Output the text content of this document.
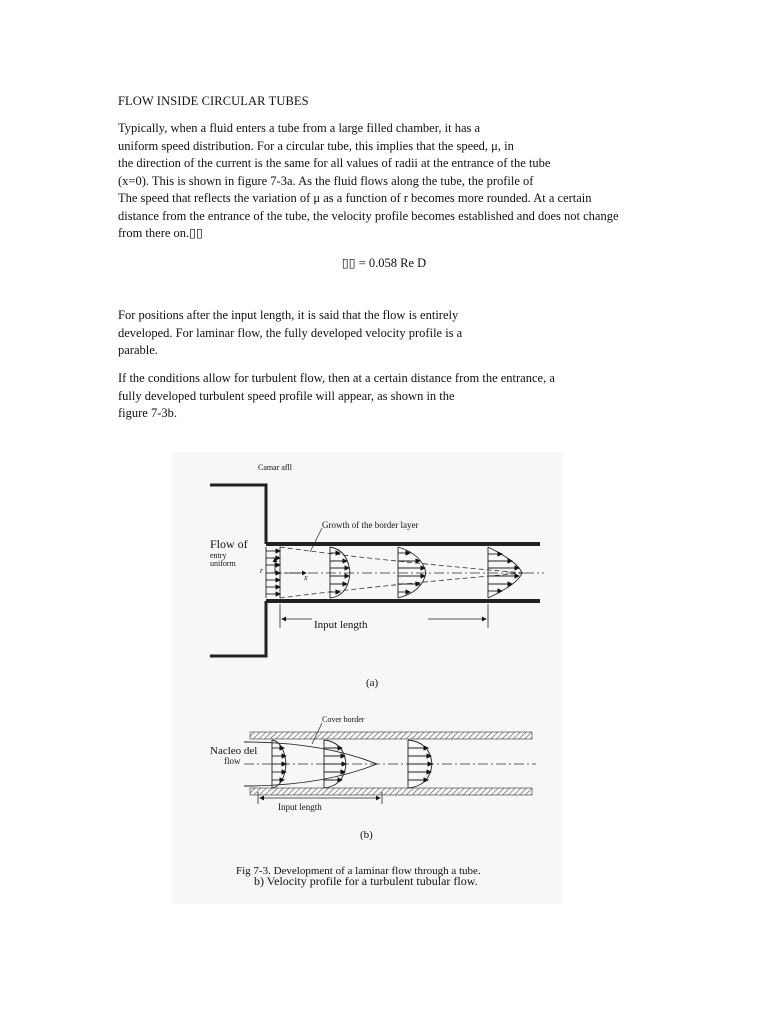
FLOW INSIDE CIRCULAR TUBES
Typically, when a fluid enters a tube from a large filled chamber, it has a
uniform speed distribution. For a circular tube, this implies that the speed, μ, in
the direction of the current is the same for all values of radii at the entrance of the tube
(x=0). This is shown in figure 7-3a. As the fluid flows along the tube, the profile of
The speed that reflects the variation of μ as a function of r becomes more rounded. At a certain
distance from the entrance of the tube, the velocity profile becomes established and does not change
from there on.▯▯
▯▯ = 0.058 Re D
For positions after the input length, it is said that the flow is entirely
developed. For laminar flow, the fully developed velocity profile is a
parable.
If the conditions allow for turbulent flow, then at a certain distance from the entrance, a
fully developed turbulent speed profile will appear, as shown in the
figure 7-3b.
Camar afll
Growth of the border layer
Flow of
entry
uniform
r
x
Input length
(a)
Cover border
Nacleo del
flow
Input length
(b)
Fig 7-3. Development of a laminar flow through a tube.
b) Velocity profile for a turbulent tubular flow.
